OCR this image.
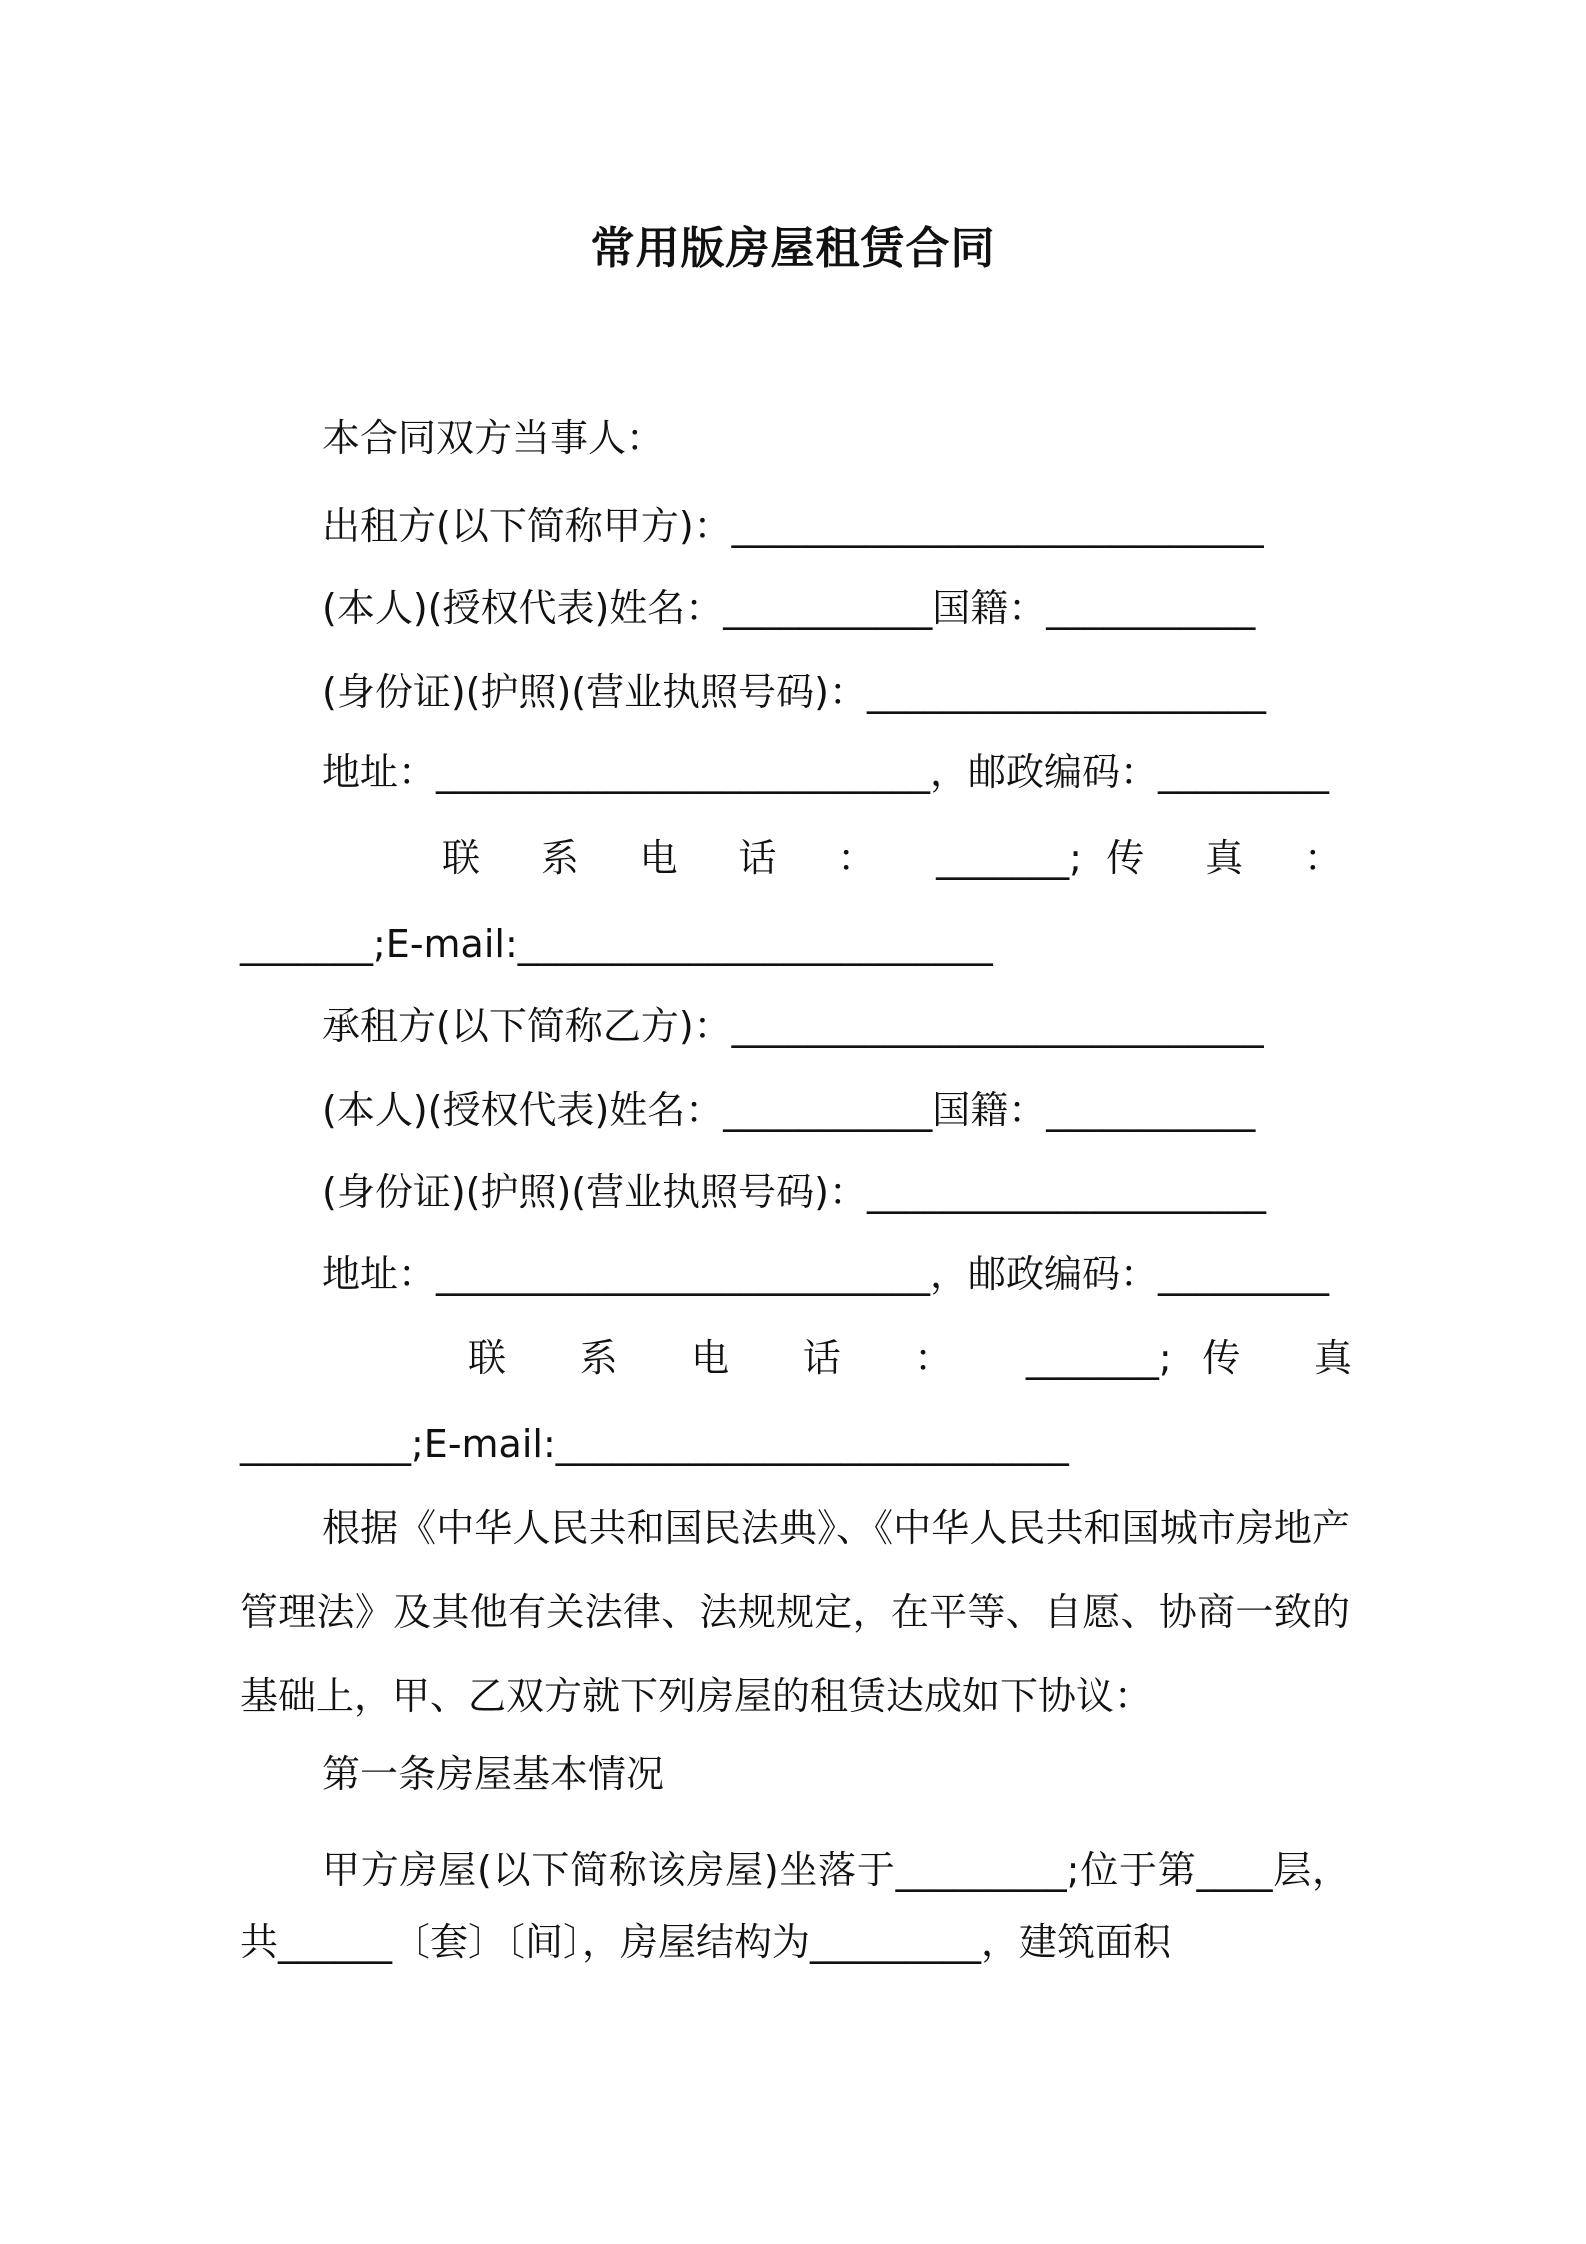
常用版房屋租赁合同
本合同双方当事人：
出租方(以下简称甲方)：____________________________
(本人)(授权代表)姓名：___________国籍：___________
(身份证)(护照)(营业执照号码)：_____________________
地址：__________________________，邮政编码：_________
联 系 电 话 ： _______;传 真 ：
_______;E-mail:_________________________
承租方(以下简称乙方)：____________________________
(本人)(授权代表)姓名：___________国籍：___________
(身份证)(护照)(营业执照号码)：_____________________
地址：__________________________，邮政编码：_________
联 系 电 话 ： _______;传 真
_________;E-mail:___________________________
根据《中华人民共和国民法典》、《中华人民共和国城市房地产管理法》及其他有关法律、法规规定，在平等、自愿、协商一致的基础上，甲、乙双方就下列房屋的租赁达成如下协议：
第一条房屋基本情况
甲方房屋(以下简称该房屋)坐落于_________;位于第____层，共______〔套〕〔间〕，房屋结构为_________，建筑面积
